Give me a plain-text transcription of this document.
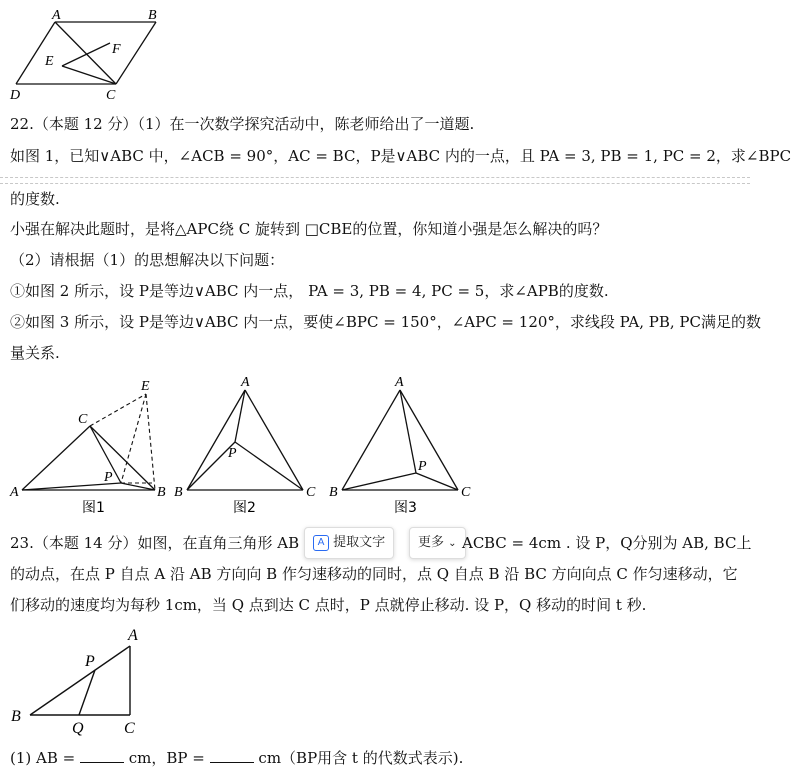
A	B
F
E
D	C
22.（本题 12 分）（1）在一次数学探究活动中，陈老师给出了一道题.
如图 1，已知∨ABC 中，∠ACB = 90°，AC = BC，P是∨ABC 内的一点，且 PA = 3, PB = 1, PC = 2，求∠BPC
的度数.
小强在解决此题时，是将△APC绕 C 旋转到 □CBE的位置，你知道小强是怎么解决的吗？
（2）请根据（1）的思想解决以下问题：
①如图 2 所示，设 P是等边∨ABC 内一点， PA = 3, PB = 4, PC = 5，求∠APB的度数.
②如图 3 所示，设 P是等边∨ABC 内一点，要使∠BPC = 150°，∠APC = 120°，求线段 PA, PB, PC满足的数
量关系.
E
C
P
A	B
图1
A
P
B	C
图2
A
P
B	C
图3
23.（本题 14 分）如图，在直角三角形 AB	A 提取文字	更多 ⌄ AC BC = 4cm . 设 P，Q分别为 AB, BC上
的动点，在点 P 自点 A 沿 AB 方向向 B 作匀速移动的同时，点 Q 自点 B 沿 BC 方向向点 C 作匀速移动，它
们移动的速度均为每秒 1cm，当 Q 点到达 C 点时，P 点就停止移动. 设 P，Q 移动的时间 t 秒.
A
P
B
Q	C
(1) AB =	cm，BP =	cm（BP用含 t 的代数式表示).
